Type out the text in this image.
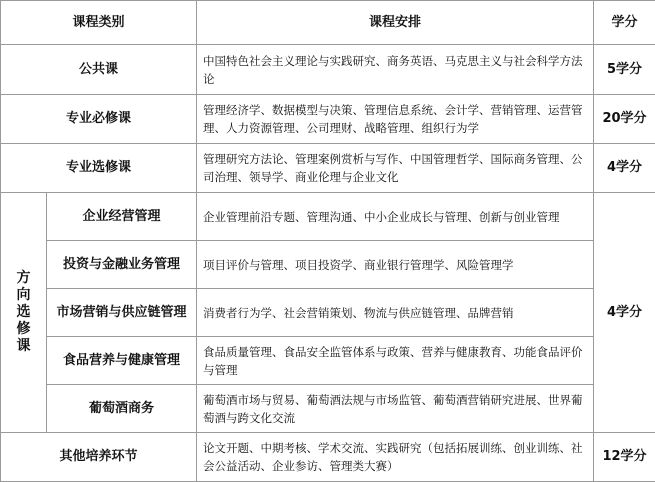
课程类别		课程安排	学分
公共课		中国特色社会主义理论与实践研究、商务英语、马克思主义与社会科学方法论	5学分
专业必修课		管理经济学、数据模型与决策、管理信息系统、会计学、营销管理、运营管理、人力资源管理、公司理财、战略管理、组织行为学	20学分
专业选修课		管理研究方法论、管理案例赏析与写作、中国管理哲学、国际商务管理、公司治理、领导学、商业伦理与企业文化	4学分
方向选修课	企业经营管理	企业管理前沿专题、管理沟通、中小企业成长与管理、创新与创业管理	4学分
	投资与金融业务管理	项目评价与管理、项目投资学、商业银行管理学、风险管理学	
	市场营销与供应链管理	消费者行为学、社会营销策划、物流与供应链管理、品牌营销	
	食品营养与健康管理	食品质量管理、食品安全监管体系与政策、营养与健康教育、功能食品评价与管理	
	葡萄酒商务	葡萄酒市场与贸易、葡萄酒法规与市场监管、葡萄酒营销研究进展、世界葡萄酒与跨文化交流	
其他培养环节		论文开题、中期考核、学术交流、实践研究（包括拓展训练、创业训练、社会公益活动、企业参访、管理类大赛）	12学分
